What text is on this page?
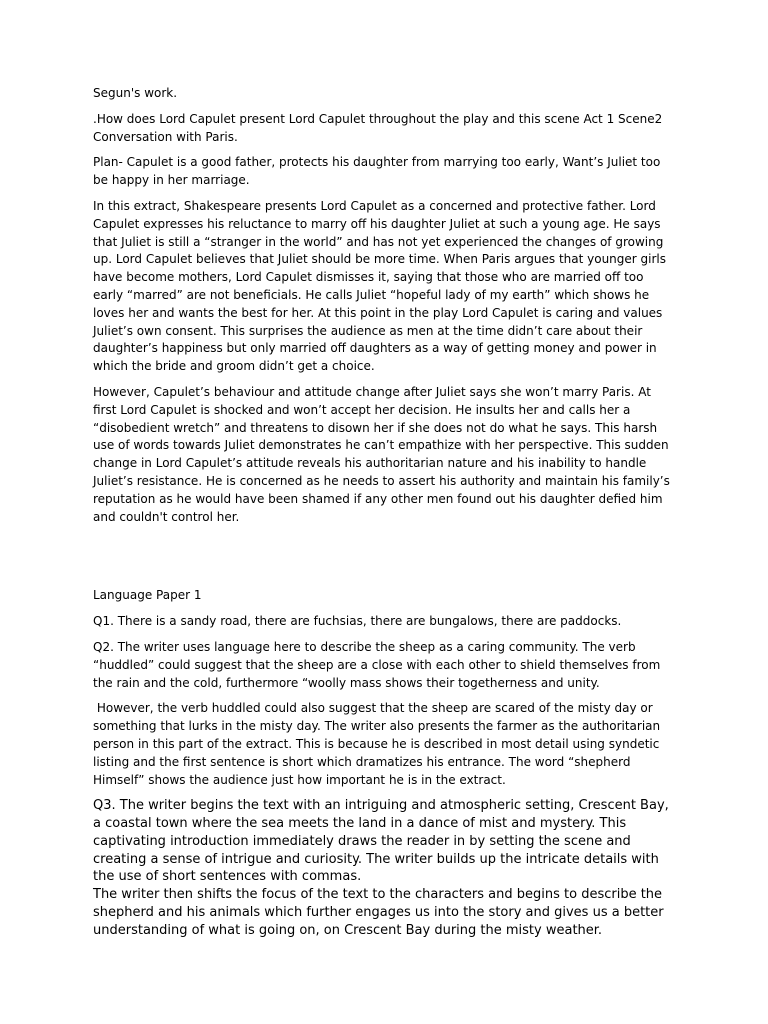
Segun's work.

.How does Lord Capulet present Lord Capulet throughout the play and this scene Act 1 Scene2 Conversation with Paris.

Plan- Capulet is a good father, protects his daughter from marrying too early, Want’s Juliet too be happy in her marriage.

In this extract, Shakespeare presents Lord Capulet as a concerned and protective father. Lord Capulet expresses his reluctance to marry off his daughter Juliet at such a young age. He says that Juliet is still a “stranger in the world” and has not yet experienced the changes of growing up. Lord Capulet believes that Juliet should be more time. When Paris argues that younger girls have become mothers, Lord Capulet dismisses it, saying that those who are married off too early “marred” are not beneficials. He calls Juliet “hopeful lady of my earth” which shows he loves her and wants the best for her. At this point in the play Lord Capulet is caring and values Juliet’s own consent. This surprises the audience as men at the time didn’t care about their daughter’s happiness but only married off daughters as a way of getting money and power in which the bride and groom didn’t get a choice.

However, Capulet’s behaviour and attitude change after Juliet says she won’t marry Paris. At first Lord Capulet is shocked and won’t accept her decision. He insults her and calls her a “disobedient wretch” and threatens to disown her if she does not do what he says. This harsh use of words towards Juliet demonstrates he can’t empathize with her perspective. This sudden change in Lord Capulet’s attitude reveals his authoritarian nature and his inability to handle Juliet’s resistance. He is concerned as he needs to assert his authority and maintain his family’s reputation as he would have been shamed if any other men found out his daughter defied him and couldn't control her.

Language Paper 1

Q1. There is a sandy road, there are fuchsias, there are bungalows, there are paddocks.

Q2. The writer uses language here to describe the sheep as a caring community. The verb “huddled” could suggest that the sheep are a close with each other to shield themselves from the rain and the cold, furthermore “woolly mass shows their togetherness and unity.

However, the verb huddled could also suggest that the sheep are scared of the misty day or something that lurks in the misty day. The writer also presents the farmer as the authoritarian person in this part of the extract. This is because he is described in most detail using syndetic listing and the first sentence is short which dramatizes his entrance. The word “shepherd Himself” shows the audience just how important he is in the extract.

Q3. The writer begins the text with an intriguing and atmospheric setting, Crescent Bay, a coastal town where the sea meets the land in a dance of mist and mystery. This captivating introduction immediately draws the reader in by setting the scene and creating a sense of intrigue and curiosity. The writer builds up the intricate details with the use of short sentences with commas.
The writer then shifts the focus of the text to the characters and begins to describe the shepherd and his animals which further engages us into the story and gives us a better understanding of what is going on, on Crescent Bay during the misty weather.
